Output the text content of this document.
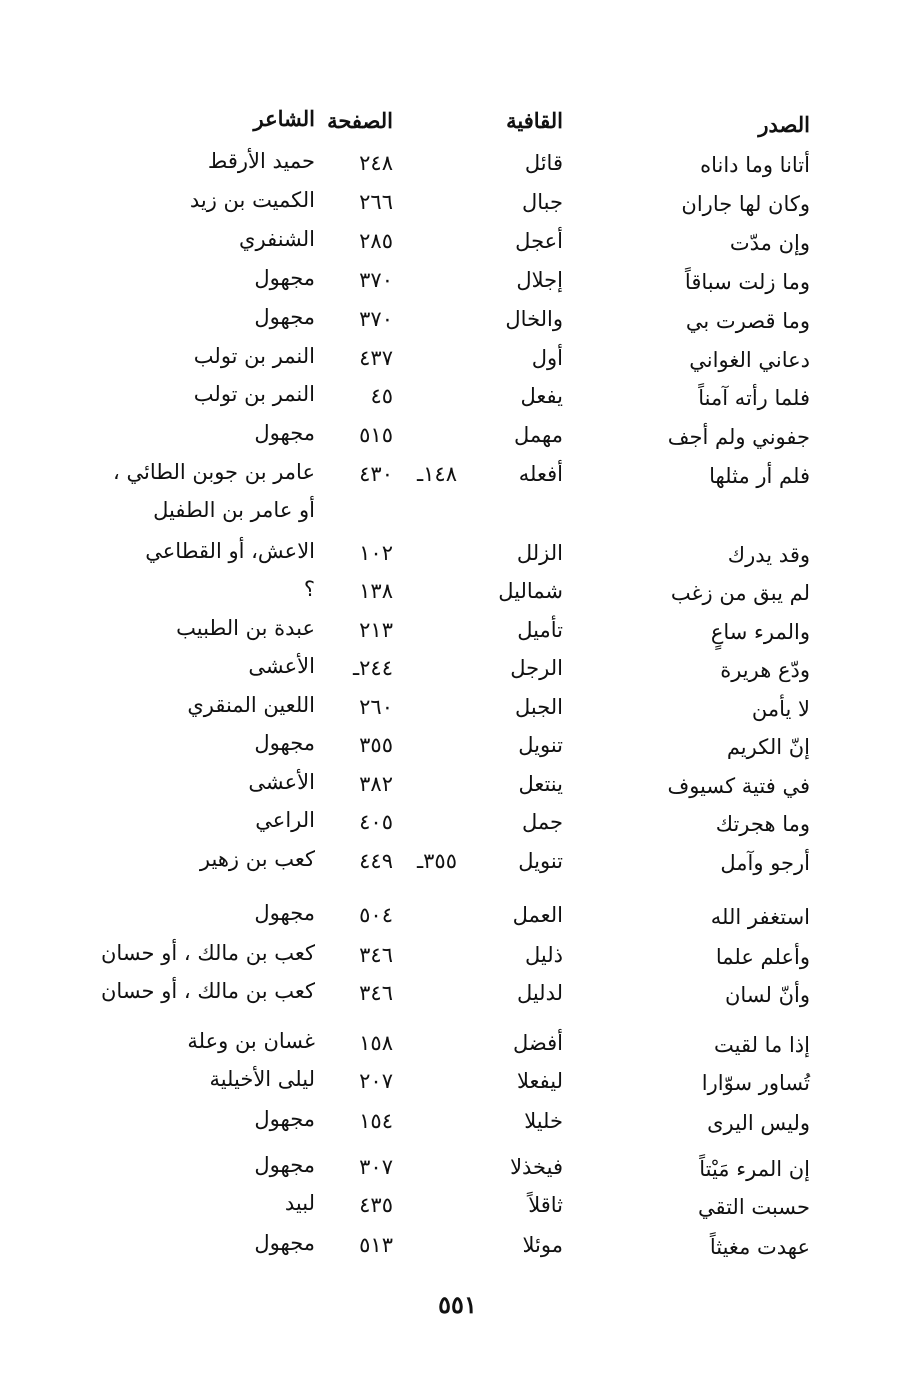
الصدر
القافية
الصفحة
الشاعر
أتانا وما داناه
قائل
٢٤٨
حميد الأرقط
وكان لها جاران
جبال
٢٦٦
الكميت بن زيد
وإن مدّت
أعجل
٢٨٥
الشنفري
وما زلت سباقاً
إجلال
٣٧٠
مجهول
وما قصرت بي
والخال
٣٧٠
مجهول
دعاني الغواني
أول
٤٣٧
النمر بن تولب
فلما رأته آمناً
يفعل
٤٥
النمر بن تولب
جفوني ولم أجف
مهمل
٥١٥
مجهول
فلم أر مثلها
أفعله
٤٣٠ ١٤٨ـ
عامر بن جوبن الطائي ،
أو عامر بن الطفيل
وقد يدرك
الزلل
١٠٢
الاعش، أو القطاعي
لم يبق من زغب
شماليل
١٣٨
؟
والمرء ساعٍ
تأميل
٢١٣
عبدة بن الطبيب
ودّع هريرة
الرجل
٢٤٤ـ
الأعشى
لا يأمن
الجبل
٢٦٠
اللعين المنقري
إنّ الكريم
تنويل
٣٥٥
مجهول
في فتية كسيوف
ينتعل
٣٨٢
الأعشى
وما هجرتك
جمل
٤٠٥
الراعي
أرجو وآمل
تنويل
٤٤٩ ٣٥٥ـ
كعب بن زهير
استغفر الله
العمل
٥٠٤
مجهول
وأعلم علما
ذليل
٣٤٦
كعب بن مالك ، أو حسان
وأنّ لسان
لدليل
٣٤٦
كعب بن مالك ، أو حسان
إذا ما لقيت
أفضل
١٥٨
غسان بن وعلة
تُساور سوّارا
ليفعلا
٢٠٧
ليلى الأخيلية
وليس اليرى
خليلا
١٥٤
مجهول
إن المرء مَيْتاً
فيخذلا
٣٠٧
مجهول
حسبت التقي
ثاقلاً
٤٣٥
لبيد
عهدت مغيثاً
موئلا
٥١٣
مجهول
٥٥١
